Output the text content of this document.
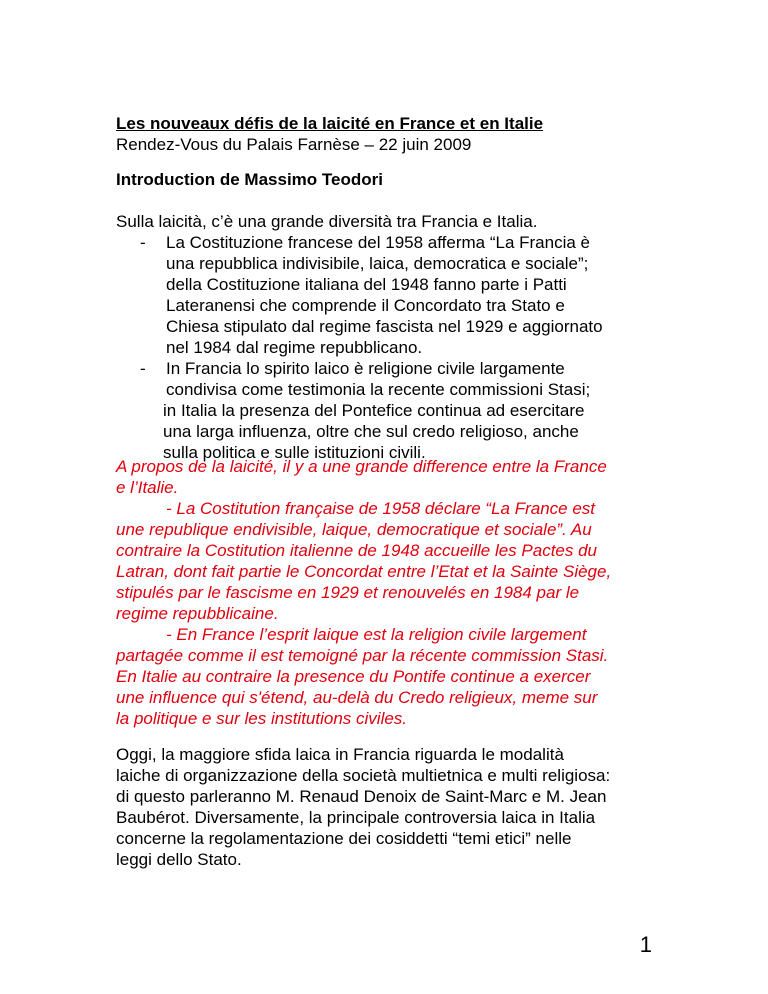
Les nouveaux défis de la laicité en France et en Italie
Rendez-Vous du Palais Farnèse – 22 juin 2009
Introduction de Massimo Teodori
Sulla laicità, c’è una grande diversità tra Francia e Italia.
- La Costituzione francese del 1958 afferma “La Francia è
una repubblica indivisibile, laica, democratica e sociale”;
della Costituzione italiana del 1948 fanno parte i Patti
Lateranensi che comprende il Concordato tra Stato e
Chiesa stipulato dal regime fascista nel 1929 e aggiornato
nel 1984 dal regime repubblicano.
- In Francia lo spirito laico è religione civile largamente
condivisa come testimonia la recente commissioni Stasi;
in Italia la presenza del Pontefice continua ad esercitare
una larga influenza, oltre che sul credo religioso, anche
sulla politica e sulle istituzioni civili.
A propos de la laicité, il y a une grande difference entre la France
e l’Italie.
- La Costitution française de 1958 déclare “La France est
une republique endivisible, laique, democratique et sociale”. Au
contraire la Costitution italienne de 1948 accueille les Pactes du
Latran, dont fait partie le Concordat entre l’Etat et la Sainte Siège,
stipulés par le fascisme en 1929 et renouvelés en 1984 par le
regime repubblicaine.
- En France l’esprit laique est la religion civile largement
partagée comme il est temoigné par la récente commission Stasi.
En Italie au contraire la presence du Pontife continue a exercer
une influence qui s'étend, au-delà du Credo religieux, meme sur
la politique e sur les institutions civiles.
Oggi, la maggiore sfida laica in Francia riguarda le modalità
laiche di organizzazione della società multietnica e multi religiosa:
di questo parleranno M. Renaud Denoix de Saint-Marc e M. Jean
Baubérot. Diversamente, la principale controversia laica in Italia
concerne la regolamentazione dei cosiddetti “temi etici” nelle
leggi dello Stato.
1
